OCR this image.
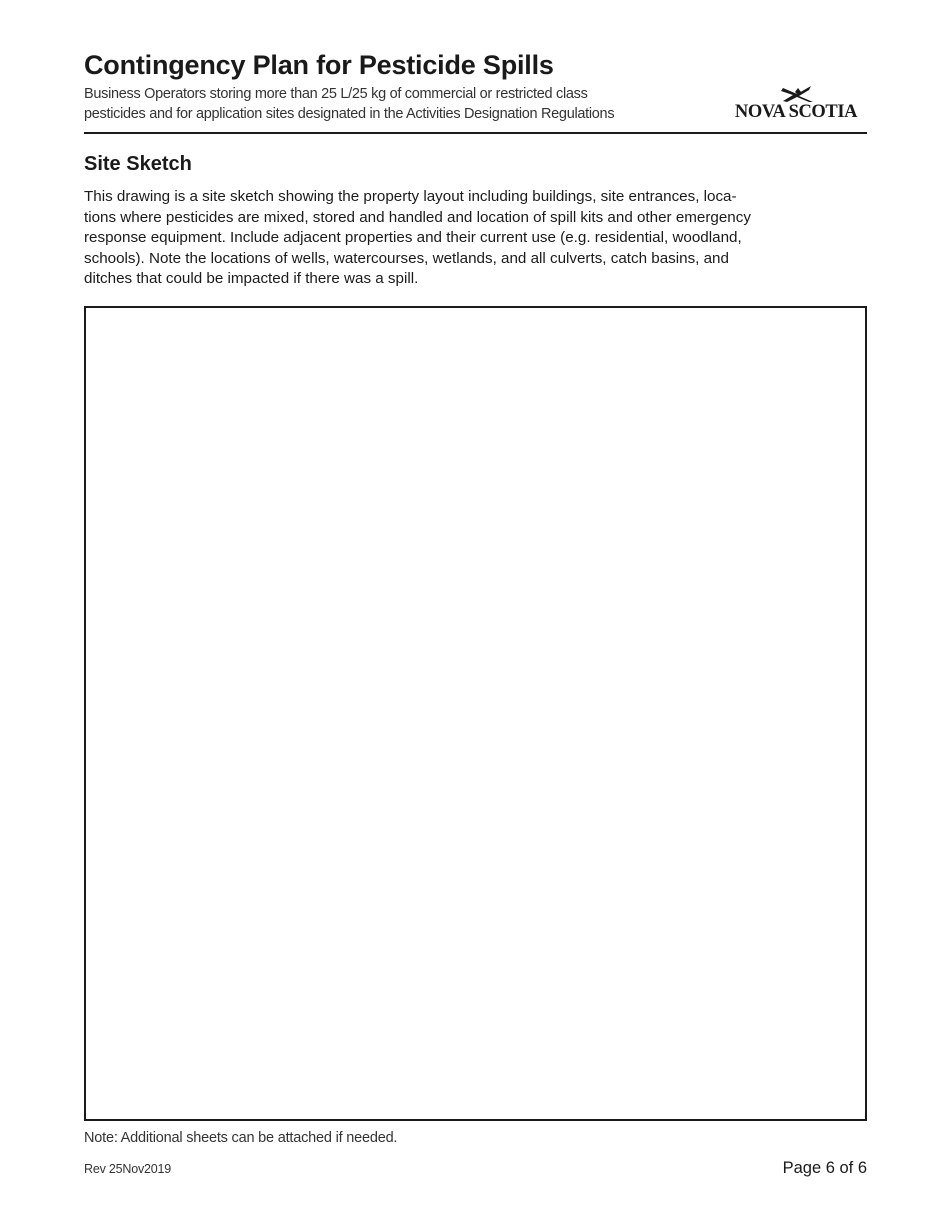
Contingency Plan for Pesticide Spills
Business Operators storing more than 25 L/25 kg of commercial or restricted class
pesticides and for application sites designated in the Activities Designation Regulations	NOVA SCOTIA
Site Sketch
This drawing is a site sketch showing the property layout including buildings, site entrances, loca-
tions where pesticides are mixed, stored and handled and location of spill kits and other emergency
response equipment. Include adjacent properties and their current use (e.g. residential, woodland,
schools). Note the locations of wells, watercourses, wetlands, and all culverts, catch basins, and
ditches that could be impacted if there was a spill.
Note: Additional sheets can be attached if needed.
Rev 25Nov2019	Page 6 of 6
